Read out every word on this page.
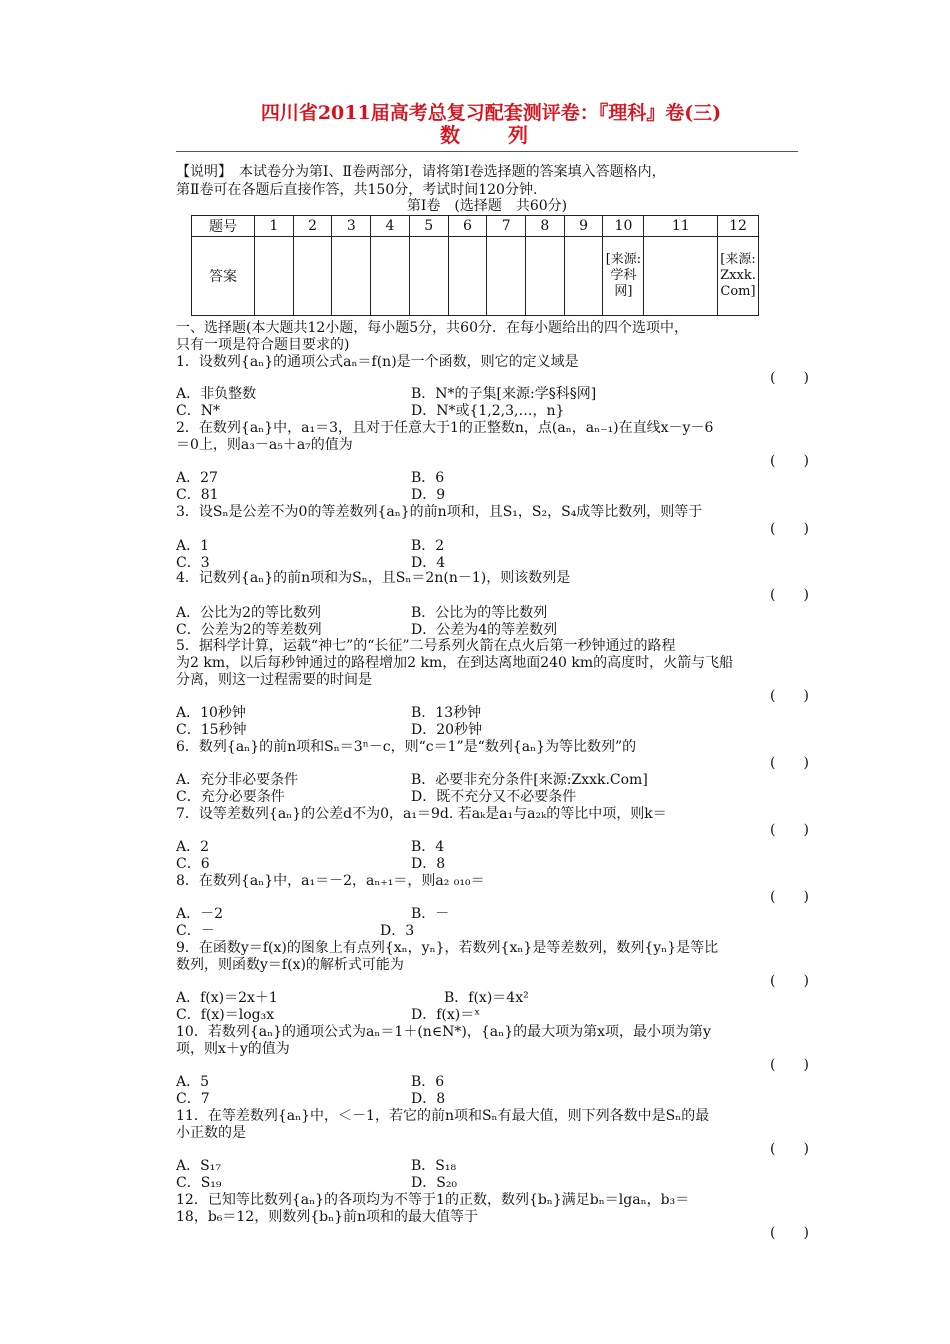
四川省2011届高考总复习配套测评卷：『理科』卷(三)
数　列
【说明】　本试卷分为第Ⅰ、Ⅱ卷两部分，请将第Ⅰ卷选择题的答案填入答题格内，
第Ⅱ卷可在各题后直接作答，共150分，考试时间120分钟.
第Ⅰ卷　(选择题　共60分)
题号	1	2	3	4	5	6	7	8	9	10	11	12
答案										[来源:学科网]		[来源:Zxxk.Com]
一、选择题(本大题共12小题，每小题5分，共60分．在每小题给出的四个选项中，
只有一项是符合题目要求的)
1．设数列{aₙ}的通项公式aₙ＝f(n)是一个函数，则它的定义域是
(　　)
A．非负整数	B．N*的子集[来源:学§科§网]
C．N*	D．N*或{1,2,3,…，n}
2．在数列{aₙ}中，a₁＝3，且对于任意大于1的正整数n，点(aₙ，aₙ₋₁)在直线x－y－6
＝0上，则a₃－a₅＋a₇的值为
(　　)
A．27	B．6
C．81	D．9
3．设Sₙ是公差不为0的等差数列{aₙ}的前n项和，且S₁，S₂，S₄成等比数列，则等于
(　　)
A．1	B．2
C．3	D．4
4．记数列{aₙ}的前n项和为Sₙ，且Sₙ＝2n(n－1)，则该数列是
(　　)
A．公比为2的等比数列	B．公比为的等比数列
C．公差为2的等差数列	D．公差为4的等差数列
5．据科学计算，运载“神七”的“长征”二号系列火箭在点火后第一秒钟通过的路程
为2 km，以后每秒钟通过的路程增加2 km，在到达离地面240 km的高度时，火箭与飞船
分离，则这一过程需要的时间是
(　　)
A．10秒钟	B．13秒钟
C．15秒钟	D．20秒钟
6．数列{aₙ}的前n项和Sₙ＝3ⁿ－c，则“c＝1”是“数列{aₙ}为等比数列”的
(　　)
A．充分非必要条件	B．必要非充分条件[来源:Zxxk.Com]
C．充分必要条件	D．既不充分又不必要条件
7．设等差数列{aₙ}的公差d不为0，a₁＝9d. 若aₖ是a₁与a₂ₖ的等比中项，则k＝
(　　)
A．2	B．4
C．6	D．8
8．在数列{aₙ}中，a₁＝－2，aₙ₊₁＝，则a₂ ₀₁₀＝
(　　)
A．－2	B．－
C．－	D．3
9．在函数y＝f(x)的图象上有点列{xₙ，yₙ}，若数列{xₙ}是等差数列，数列{yₙ}是等比
数列，则函数y＝f(x)的解析式可能为
(　　)
A．f(x)＝2x＋1	B．f(x)＝4x²
C．f(x)＝log₃x	D．f(x)＝ˣ
10．若数列{aₙ}的通项公式为aₙ＝1＋(n∈N*)，{aₙ}的最大项为第x项，最小项为第y
项，则x＋y的值为
(　　)
A．5	B．6
C．7	D．8
11．在等差数列{aₙ}中，＜－1，若它的前n项和Sₙ有最大值，则下列各数中是Sₙ的最
小正数的是
(　　)
A．S₁₇	B．S₁₈
C．S₁₉	D．S₂₀
12．已知等比数列{aₙ}的各项均为不等于1的正数，数列{bₙ}满足bₙ＝lgaₙ，b₃＝
18，b₆＝12，则数列{bₙ}前n项和的最大值等于
(　　)
